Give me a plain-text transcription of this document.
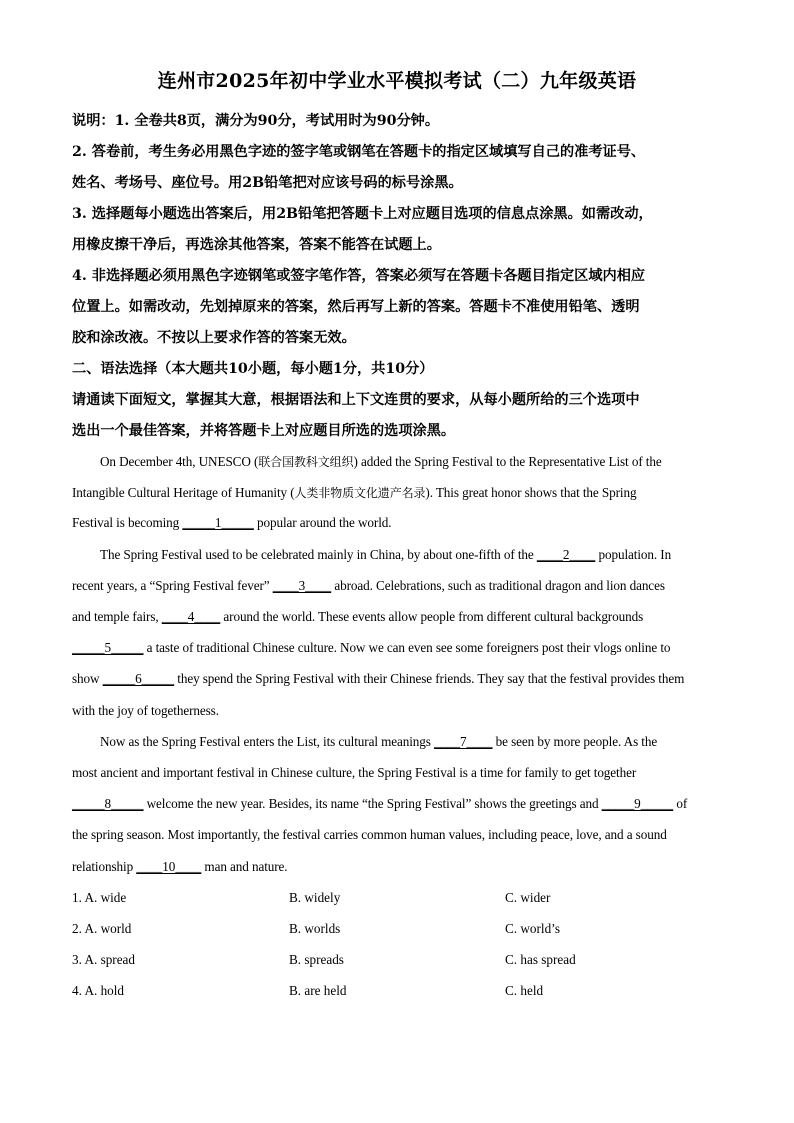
连州市2025年初中学业水平模拟考试（二）九年级英语
说明：1. 全卷共8页，满分为90分，考试用时为90分钟。
2. 答卷前，考生务必用黑色字迹的签字笔或钢笔在答题卡的指定区域填写自己的准考证号、
姓名、考场号、座位号。用2B铅笔把对应该号码的标号涂黑。
3. 选择题每小题选出答案后，用2B铅笔把答题卡上对应题目选项的信息点涂黑。如需改动，
用橡皮擦干净后，再选涂其他答案，答案不能答在试题上。
4. 非选择题必须用黑色字迹钢笔或签字笔作答，答案必须写在答题卡各题目指定区域内相应
位置上。如需改动，先划掉原来的答案，然后再写上新的答案。答题卡不准使用铅笔、透明
胶和涂改液。不按以上要求作答的答案无效。
二、语法选择（本大题共10小题，每小题1分，共10分）
请通读下面短文，掌握其大意，根据语法和上下文连贯的要求，从每小题所给的三个选项中
选出一个最佳答案，并将答题卡上对应题目所选的选项涂黑。
On December 4th, UNESCO (联合国教科文组织) added the Spring Festival to the Representative List of the
Intangible Cultural Heritage of Humanity (人类非物质文化遗产名录). This great honor shows that the Spring
Festival is becoming _____1_____ popular around the world.
The Spring Festival used to be celebrated mainly in China, by about one-fifth of the ____2____ population. In
recent years, a “Spring Festival fever” ____3____ abroad. Celebrations, such as traditional dragon and lion dances
and temple fairs, ____4____ around the world. These events allow people from different cultural backgrounds
_____5_____ a taste of traditional Chinese culture. Now we can even see some foreigners post their vlogs online to
show _____6_____ they spend the Spring Festival with their Chinese friends. They say that the festival provides them
with the joy of togetherness.
Now as the Spring Festival enters the List, its cultural meanings ____7____ be seen by more people. As the
most ancient and important festival in Chinese culture, the Spring Festival is a time for family to get together
_____8_____ welcome the new year. Besides, its name “the Spring Festival” shows the greetings and _____9_____ of
the spring season. Most importantly, the festival carries common human values, including peace, love, and a sound
relationship ____10____ man and nature.
1. A. wide	B. widely	C. wider
2. A. world	B. worlds	C. world’s
3. A. spread	B. spreads	C. has spread
4. A. hold	B. are held	C. held
